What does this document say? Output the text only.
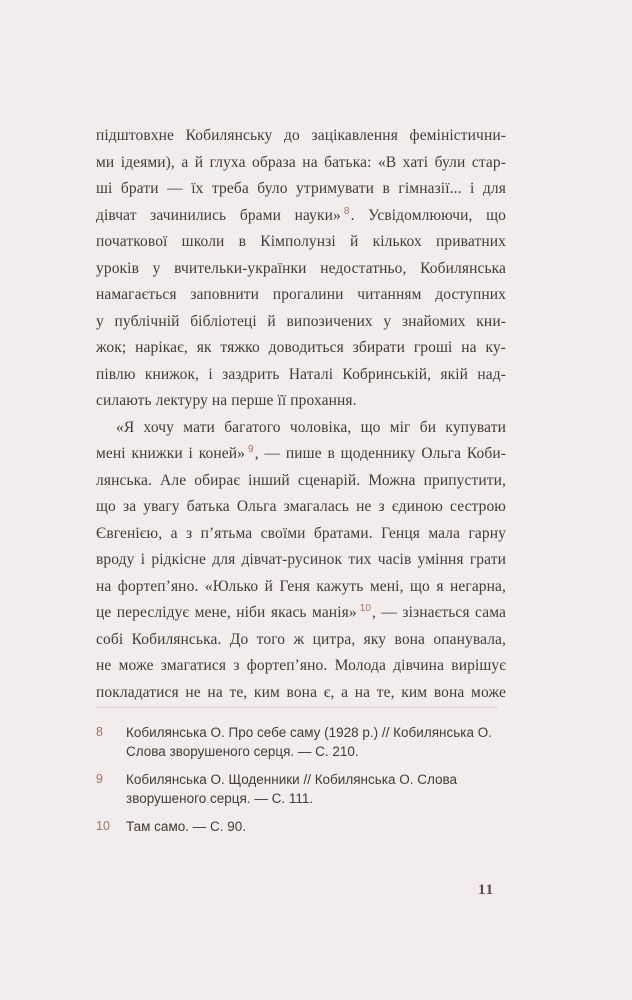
підштовхне Кобилянську до зацікавлення феміністични-
ми ідеями), а й глуха образа на батька: «В хаті були стар-
ші брати — їх треба було утримувати в гімназії... і для
дівчат зачинились брами науки» $^8$. Усвідомлюючи, що
початкової школи в Кімполунзі й кількох приватних
уроків у вчительки-українки недостатньо, Кобилянська
намагається заповнити прогалини читанням доступних
у публічній бібліотеці й випозичених у знайомих кни-
жок; нарікає, як тяжко доводиться збирати гроші на ку-
півлю книжок, і заздрить Наталі Кобринській, якій над-
силають лектуру на перше її прохання.
«Я хочу мати багатого чоловіка, що міг би купувати
мені книжки і коней» $^9$, — пише в щоденнику Ольга Коби-
лянська. Але обирає інший сценарій. Можна припустити,
що за увагу батька Ольга змагалась не з єдиною сестрою
Євгенією, а з п’ятьма своїми братами. Генця мала гарну
вроду і рідкісне для дівчат-русинок тих часів уміння грати
на фортеп’яно. «Юлько й Геня кажуть мені, що я негарна,
це переслідує мене, ніби якась манія» $^{10}$, — зізнається сама
собі Кобилянська. До того ж цитра, яку вона опанувала,
не може змагатися з фортеп’яно. Молода дівчина вирішує
покладатися не на те, ким вона є, а на те, ким вона може
8	Кобилянська О. Про себе саму (1928 р.) // Кобилянська О. Слова зворушеного серця. — С. 210.
9	Кобилянська О. Щоденники // Кобилянська О. Слова зворушеного серця. — С. 111.
10	Там само. — С. 90.
11
